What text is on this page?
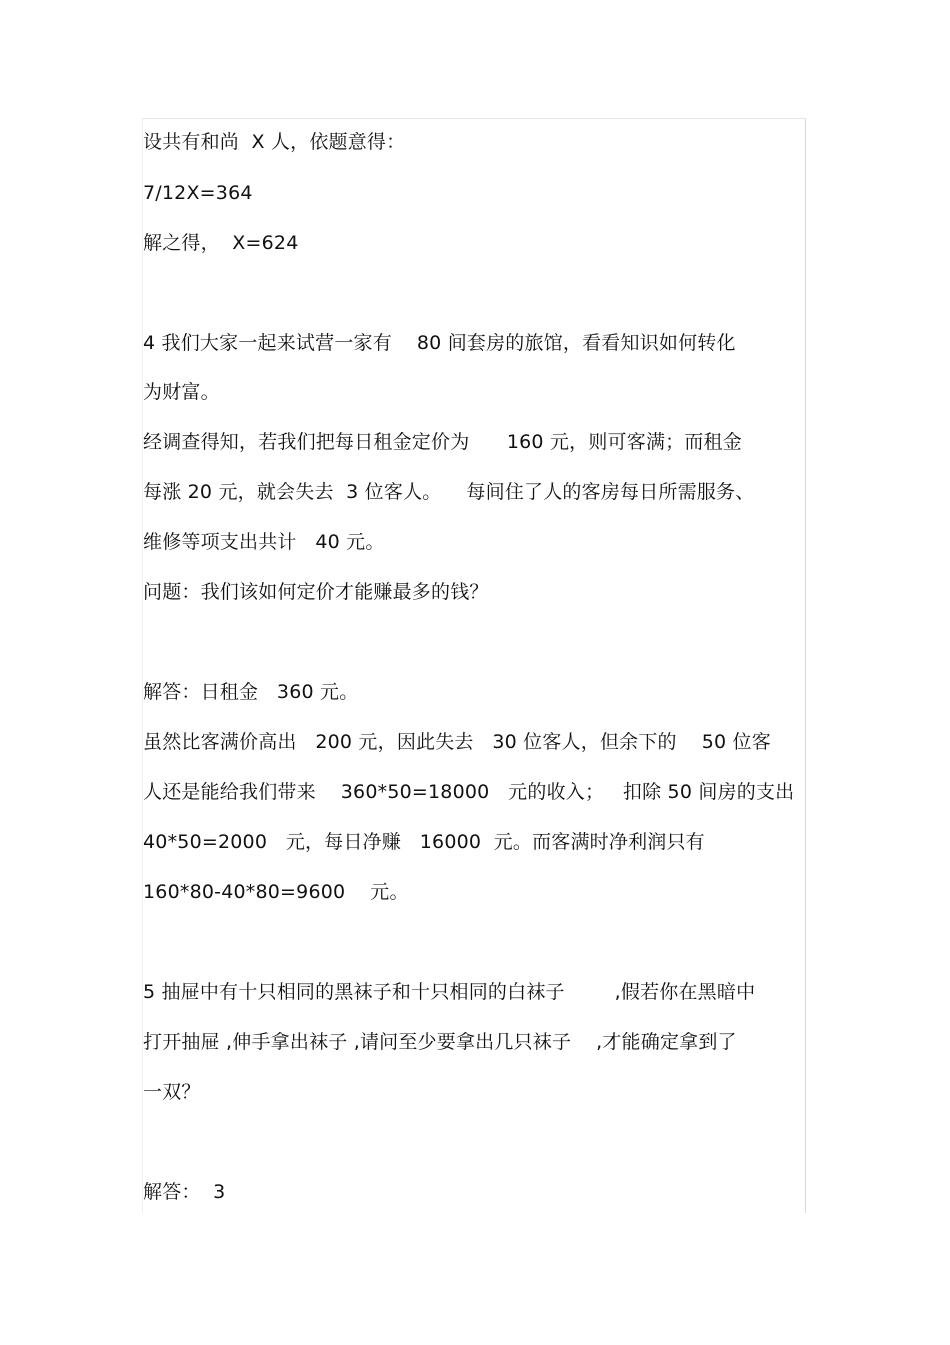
设共有和尚  X 人，依题意得：
7/12X=364
解之得，  X=624
4 我们大家一起来试营一家有    80 间套房的旅馆，看看知识如何转化
为财富。
经调查得知，若我们把每日租金定价为      160 元，则可客满；而租金
每涨 20 元，就会失去  3 位客人。    每间住了人的客房每日所需服务、
维修等项支出共计   40 元。
问题：我们该如何定价才能赚最多的钱？
解答：日租金   360 元。
虽然比客满价高出   200 元，因此失去   30 位客人，但余下的    50 位客
人还是能给我们带来    360*50=18000   元的收入；   扣除 50 间房的支出
40*50=2000   元，每日净赚   16000  元。而客满时净利润只有
160*80-40*80=9600    元。
5 抽屉中有十只相同的黑袜子和十只相同的白袜子        ,假若你在黑暗中
打开抽屉 ,伸手拿出袜子 ,请问至少要拿出几只袜子    ,才能确定拿到了
一双？
解答：  3
